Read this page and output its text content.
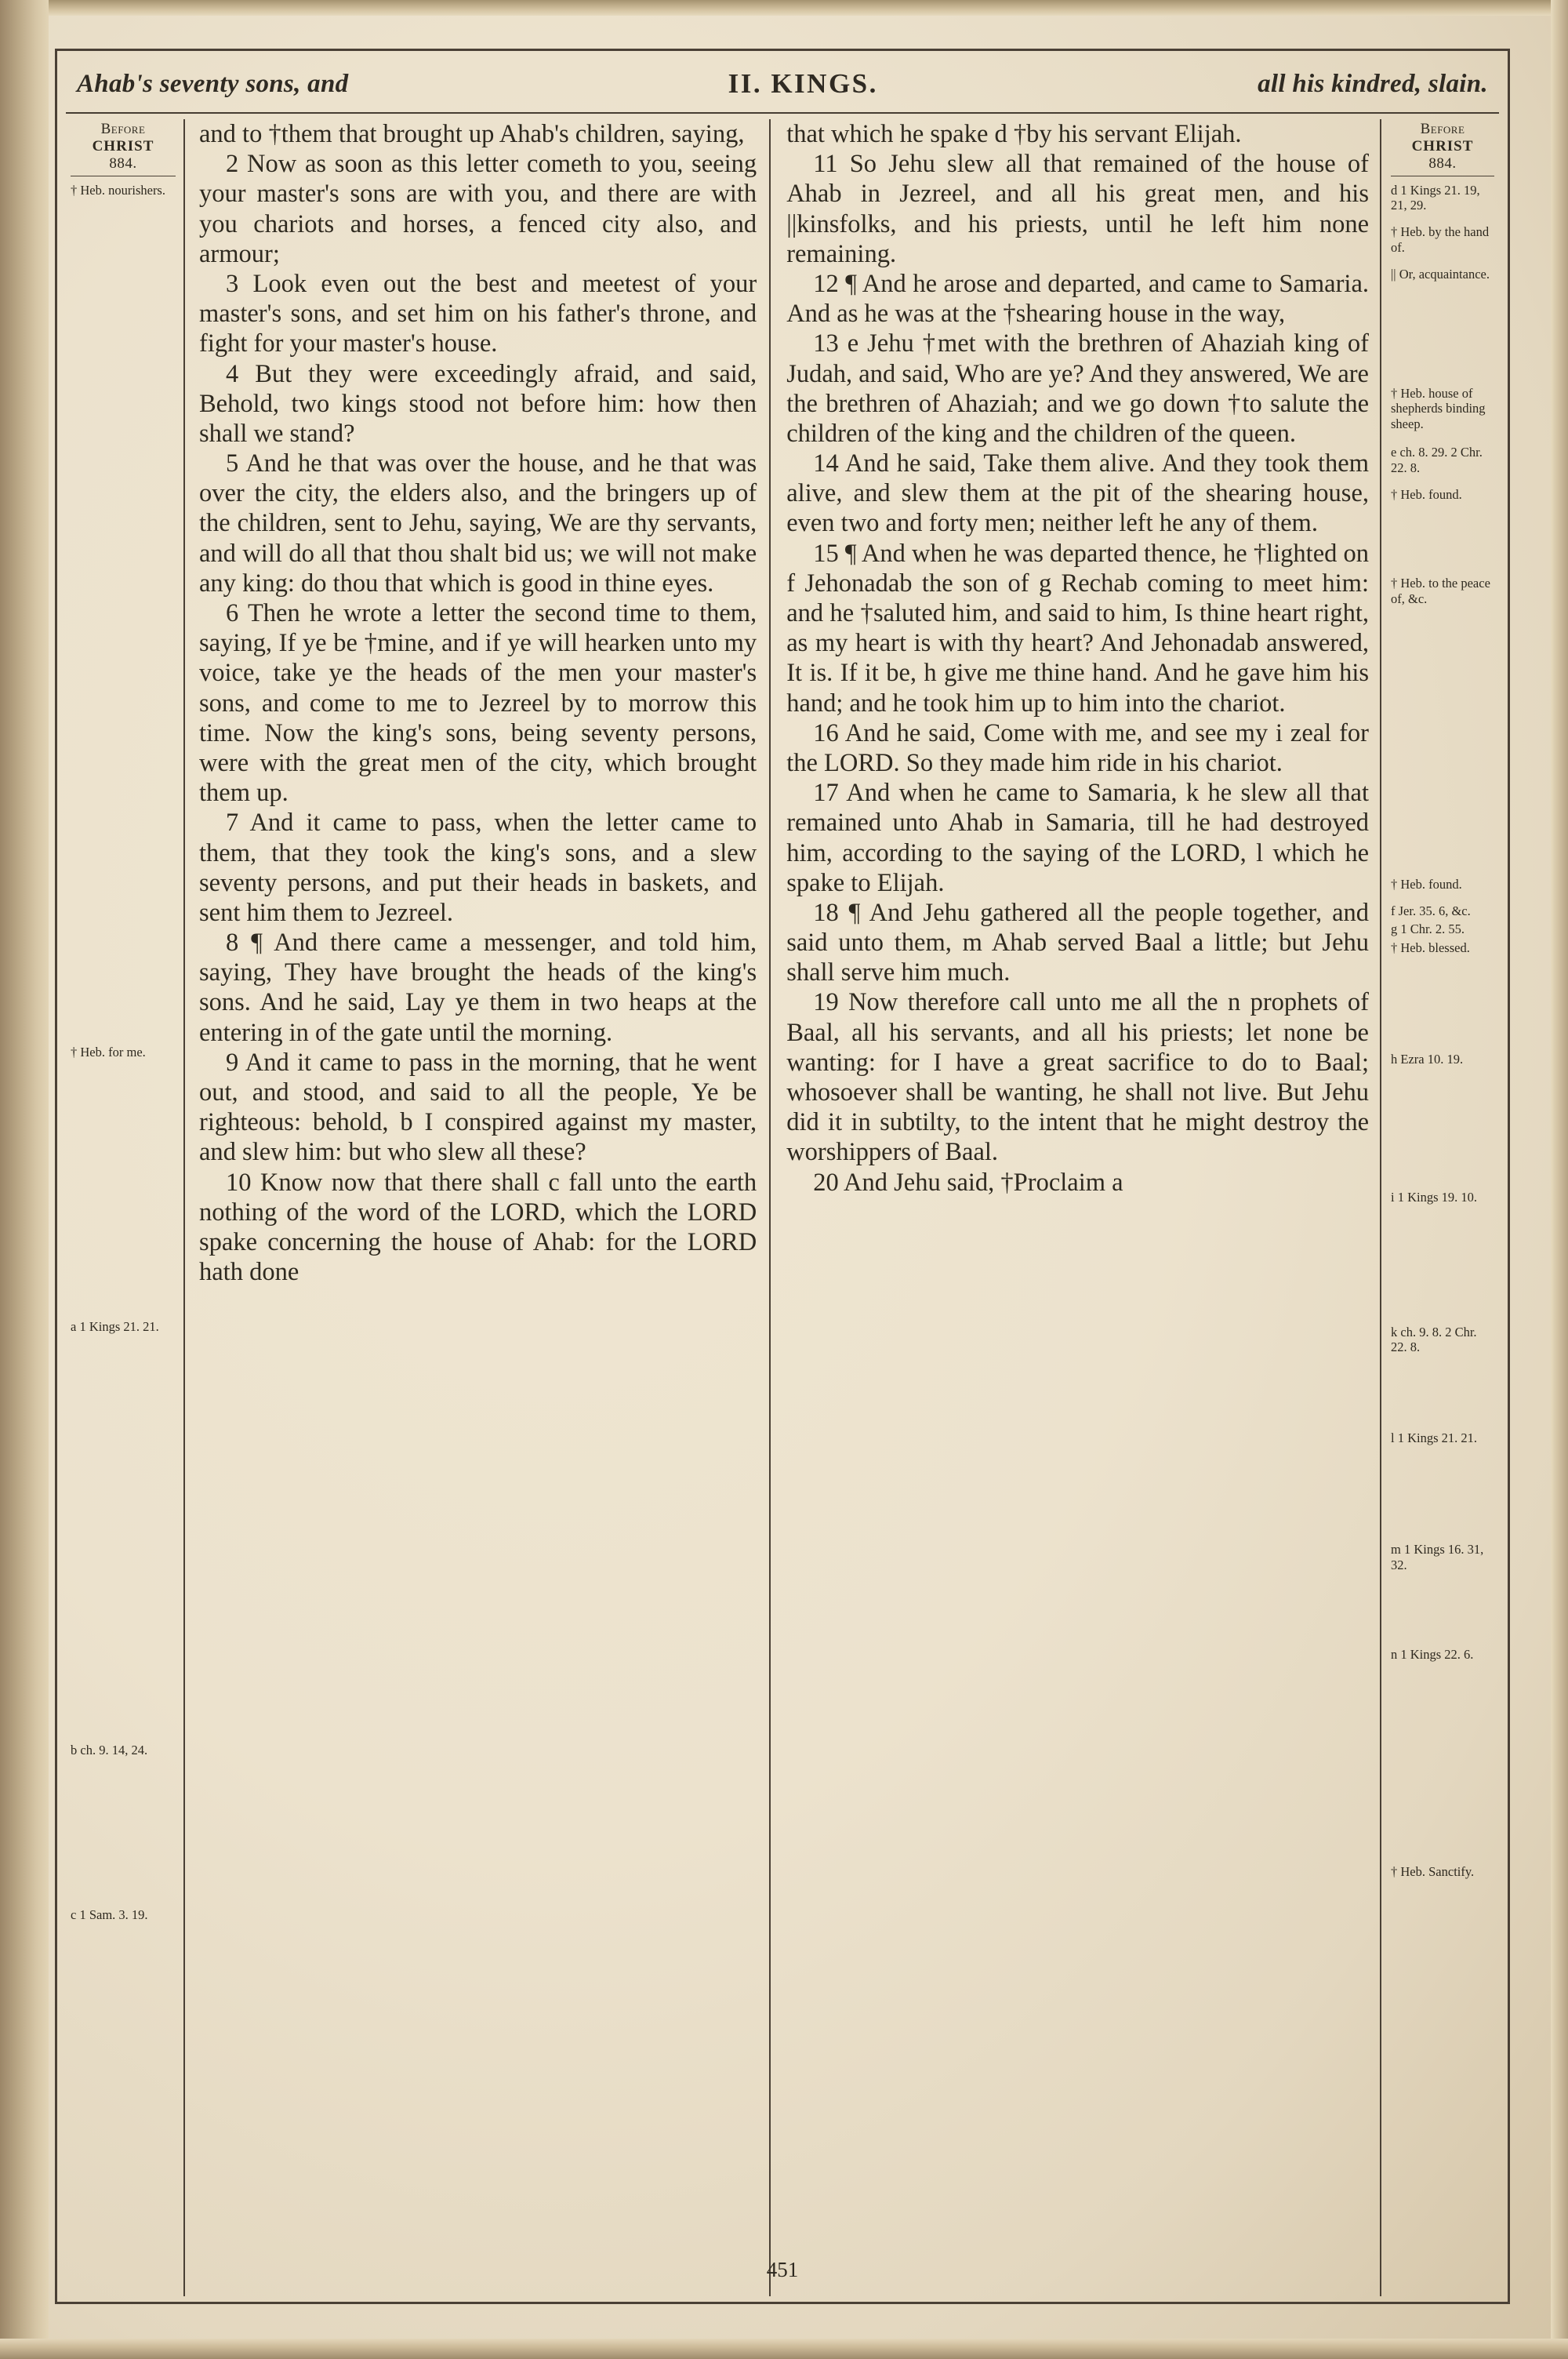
Ahab's seventy sons, and	II. KINGS.	all his kindred, slain.
Before
CHRIST
884.
† Heb. nourishers.
† Heb. for me.
a 1 Kings 21. 21.
b ch. 9. 14, 24.
c 1 Sam. 3. 19.

and to †them that brought up Ahab's children, saying,

2 Now as soon as this letter cometh to you, seeing your master's sons are with you, and there are with you chariots and horses, a fenced city also, and armour;

3 Look even out the best and meetest of your master's sons, and set him on his father's throne, and fight for your master's house.

4 But they were exceedingly afraid, and said, Behold, two kings stood not before him: how then shall we stand?

5 And he that was over the house, and he that was over the city, the elders also, and the bringers up of the children, sent to Jehu, saying, We are thy servants, and will do all that thou shalt bid us; we will not make any king: do thou that which is good in thine eyes.

6 Then he wrote a letter the second time to them, saying, If ye be †mine, and if ye will hearken unto my voice, take ye the heads of the men your master's sons, and come to me to Jezreel by to morrow this time. Now the king's sons, being seventy persons, were with the great men of the city, which brought them up.

7 And it came to pass, when the letter came to them, that they took the king's sons, and a slew seventy persons, and put their heads in baskets, and sent him them to Jezreel.

8 ¶ And there came a messenger, and told him, saying, They have brought the heads of the king's sons. And he said, Lay ye them in two heaps at the entering in of the gate until the morning.

9 And it came to pass in the morning, that he went out, and stood, and said to all the people, Ye be righteous: behold, b I conspired against my master, and slew him: but who slew all these?

10 Know now that there shall c fall unto the earth nothing of the word of the LORD, which the LORD spake concerning the house of Ahab: for the LORD hath done

that which he spake d †by his servant Elijah.

11 So Jehu slew all that remained of the house of Ahab in Jezreel, and all his great men, and his ||kinsfolks, and his priests, until he left him none remaining.

12 ¶ And he arose and departed, and came to Samaria. And as he was at the †shearing house in the way,

13 e Jehu †met with the brethren of Ahaziah king of Judah, and said, Who are ye? And they answered, We are the brethren of Ahaziah; and we go down †to salute the children of the king and the children of the queen.

14 And he said, Take them alive. And they took them alive, and slew them at the pit of the shearing house, even two and forty men; neither left he any of them.

15 ¶ And when he was departed thence, he †lighted on f Jehonadab the son of g Rechab coming to meet him: and he †saluted him, and said to him, Is thine heart right, as my heart is with thy heart? And Jehonadab answered, It is. If it be, h give me thine hand. And he gave him his hand; and he took him up to him into the chariot.

16 And he said, Come with me, and see my i zeal for the LORD. So they made him ride in his chariot.

17 And when he came to Samaria, k he slew all that remained unto Ahab in Samaria, till he had destroyed him, according to the saying of the LORD, l which he spake to Elijah.

18 ¶ And Jehu gathered all the people together, and said unto them, m Ahab served Baal a little; but Jehu shall serve him much.

19 Now therefore call unto me all the n prophets of Baal, all his servants, and all his priests; let none be wanting: for I have a great sacrifice to do to Baal; whosoever shall be wanting, he shall not live. But Jehu did it in subtilty, to the intent that he might destroy the worshippers of Baal.

20 And Jehu said, †Proclaim a

Before
CHRIST
884.
d 1 Kings 21. 19, 21, 29.
† Heb. by the hand of.
|| Or, acquaintance.
† Heb. house of shepherds binding sheep.
e ch. 8. 29. 2 Chr. 22. 8.
† Heb. found.
† Heb. to the peace of, &c.
† Heb. found.
f Jer. 35. 6, &c.
g 1 Chr. 2. 55.
† Heb. blessed.
h Ezra 10. 19.
i 1 Kings 19. 10.
k ch. 9. 8. 2 Chr. 22. 8.
l 1 Kings 21. 21.
m 1 Kings 16. 31, 32.
n 1 Kings 22. 6.
† Heb. Sanctify.
451
